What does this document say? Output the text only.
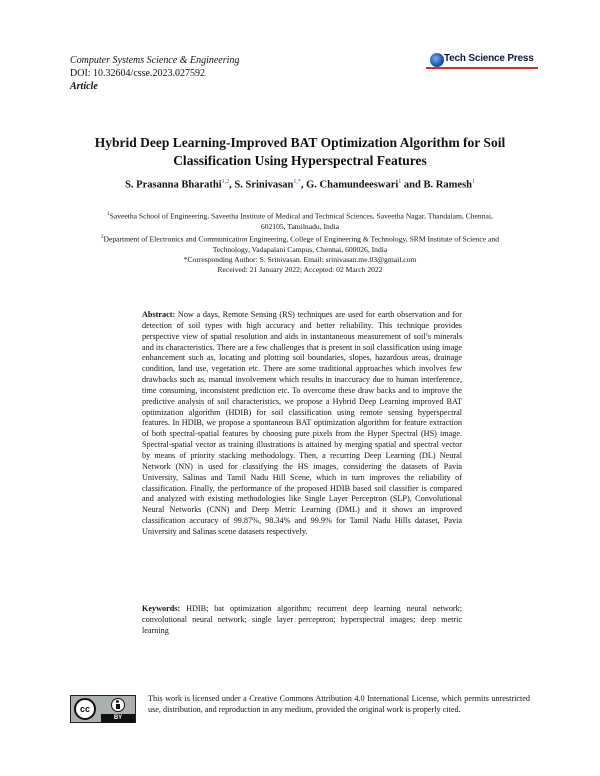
Computer Systems Science & Engineering
DOI: 10.32604/csse.2023.027592
Article
Tech Science Press
Hybrid Deep Learning-Improved BAT Optimization Algorithm for Soil
Classification Using Hyperspectral Features
S. Prasanna Bharathi$^{1,2}$, S. Srinivasan$^{1,*}$, G. Chamundeeswari$^1$ and B. Ramesh$^1$
$^1$Saveetha School of Engineering, Saveetha Institute of Medical and Technical Sciences, Saveetha Nagar, Thandalam, Chennai,
602105, Tamilnadu, India
$^2$Department of Electronics and Communication Engineering, College of Engineering & Technology, SRM Institute of Science and
Technology, Vadapalani Campus, Chennai, 600026, India
*Corresponding Author: S. Srinivasan. Email: srinivasan.me.03@gmail.com
Received: 21 January 2022; Accepted: 02 March 2022
Abstract: Now a days, Remote Sensing (RS) techniques are used for earth observation and for detection of soil types with high accuracy and better reliability. This technique provides perspective view of spatial resolution and aids in instantaneous measurement of soil’s minerals and its characteristics. There are a few challenges that is present in soil classification using image enhancement such as, locating and plotting soil boundaries, slopes, hazardous areas, drainage condition, land use, vegetation etc. There are some traditional approaches which involves few drawbacks such as, manual involvement which results in inaccuracy due to human interference, time consuming, inconsistent prediction etc. To overcome these draw backs and to improve the predictive analysis of soil characteristics, we propose a Hybrid Deep Learning improved BAT optimization algorithm (HDIB) for soil classification using remote sensing hyperspectral features. In HDIB, we propose a spontaneous BAT optimization algorithm for feature extraction of both spectral-spatial features by choosing pure pixels from the Hyper Spectral (HS) image. Spectral-spatial vector as training illustrations is attained by merging spatial and spectral vector by means of priority stacking methodology. Then, a recurring Deep Learning (DL) Neural Network (NN) is used for classifying the HS images, considering the datasets of Pavia University, Salinas and Tamil Nadu Hill Scene, which in turn improves the reliability of classification. Finally, the performance of the proposed HDIB based soil classifier is compared and analyzed with existing methodologies like Single Layer Perceptron (SLP), Convolutional Neural Networks (CNN) and Deep Metric Learning (DML) and it shows an improved classification accuracy of 99.87%, 98.34% and 99.9% for Tamil Nadu Hills dataset, Pavia University and Salinas scene datasets respectively.
Keywords: HDIB; bat optimization algorithm; recurrent deep learning neural network; convolutional neural network; single layer perceptron; hyperspectral images; deep metric learning
cc
BY
This work is licensed under a Creative Commons Attribution 4.0 International License, which permits unrestricted use, distribution, and reproduction in any medium, provided the original work is properly cited.
